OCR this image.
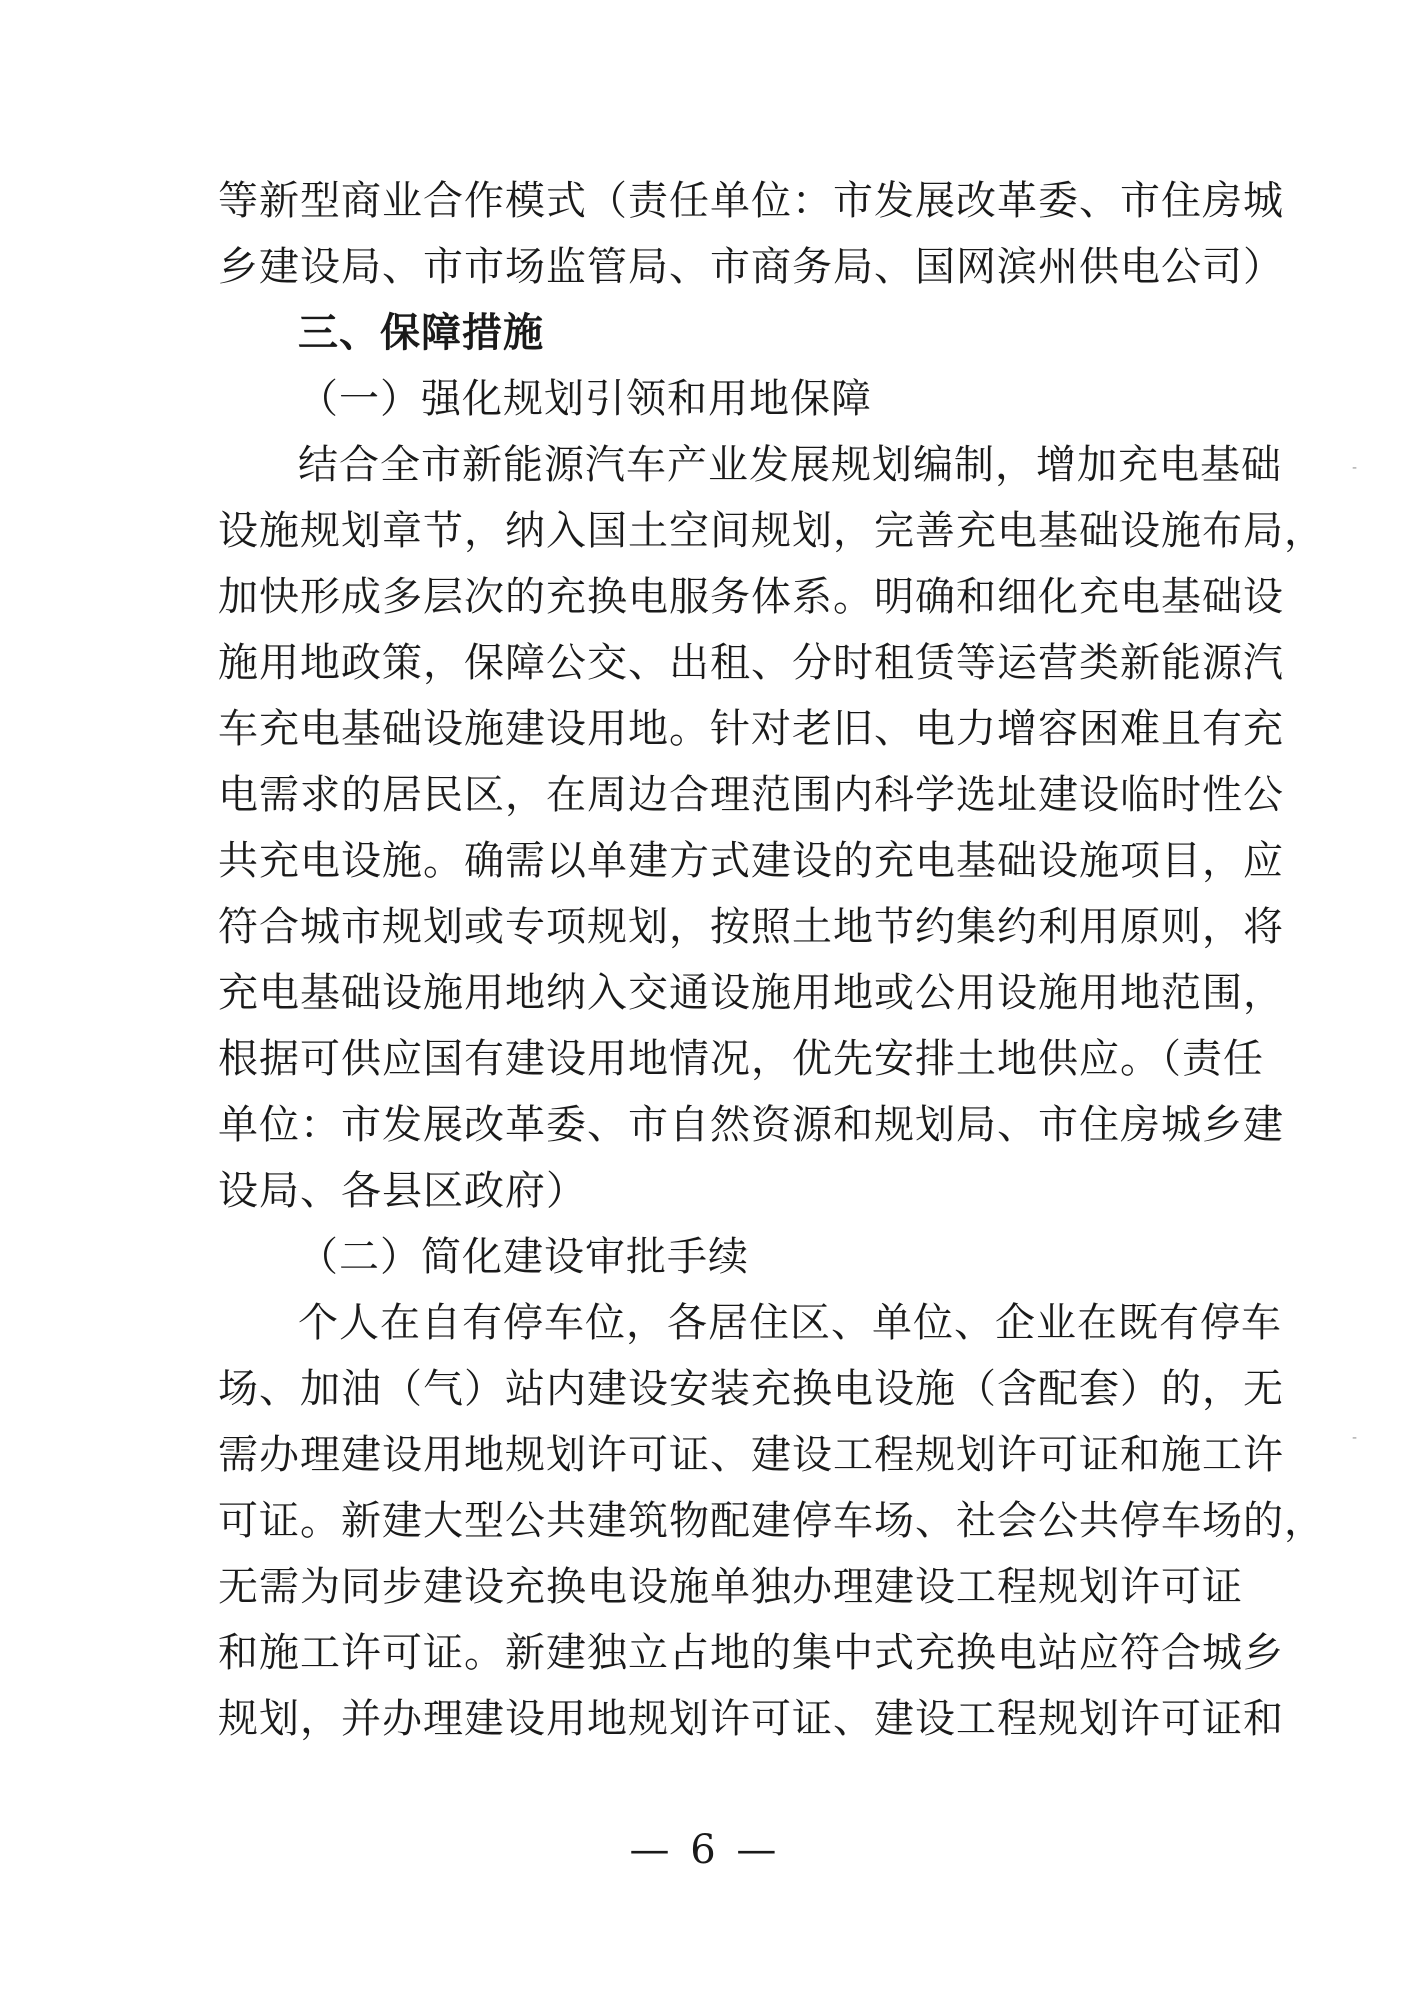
等新型商业合作模式（责任单位：市发展改革委、市住房城
乡建设局、市市场监管局、市商务局、国网滨州供电公司）
三、保障措施
（一）强化规划引领和用地保障
结合全市新能源汽车产业发展规划编制，增加充电基础
设施规划章节，纳入国土空间规划，完善充电基础设施布局，
加快形成多层次的充换电服务体系。明确和细化充电基础设
施用地政策，保障公交、出租、分时租赁等运营类新能源汽
车充电基础设施建设用地。针对老旧、电力增容困难且有充
电需求的居民区，在周边合理范围内科学选址建设临时性公
共充电设施。确需以单建方式建设的充电基础设施项目，应
符合城市规划或专项规划，按照土地节约集约利用原则，将
充电基础设施用地纳入交通设施用地或公用设施用地范围，
根据可供应国有建设用地情况，优先安排土地供应。（责任
单位：市发展改革委、市自然资源和规划局、市住房城乡建
设局、各县区政府）
（二）简化建设审批手续
个人在自有停车位，各居住区、单位、企业在既有停车
场、加油（气）站内建设安装充换电设施（含配套）的，无
需办理建设用地规划许可证、建设工程规划许可证和施工许
可证。新建大型公共建筑物配建停车场、社会公共停车场的，
无需为同步建设充换电设施单独办理建设工程规划许可证
和施工许可证。新建独立占地的集中式充换电站应符合城乡
规划，并办理建设用地规划许可证、建设工程规划许可证和
— 6 —
-
-
